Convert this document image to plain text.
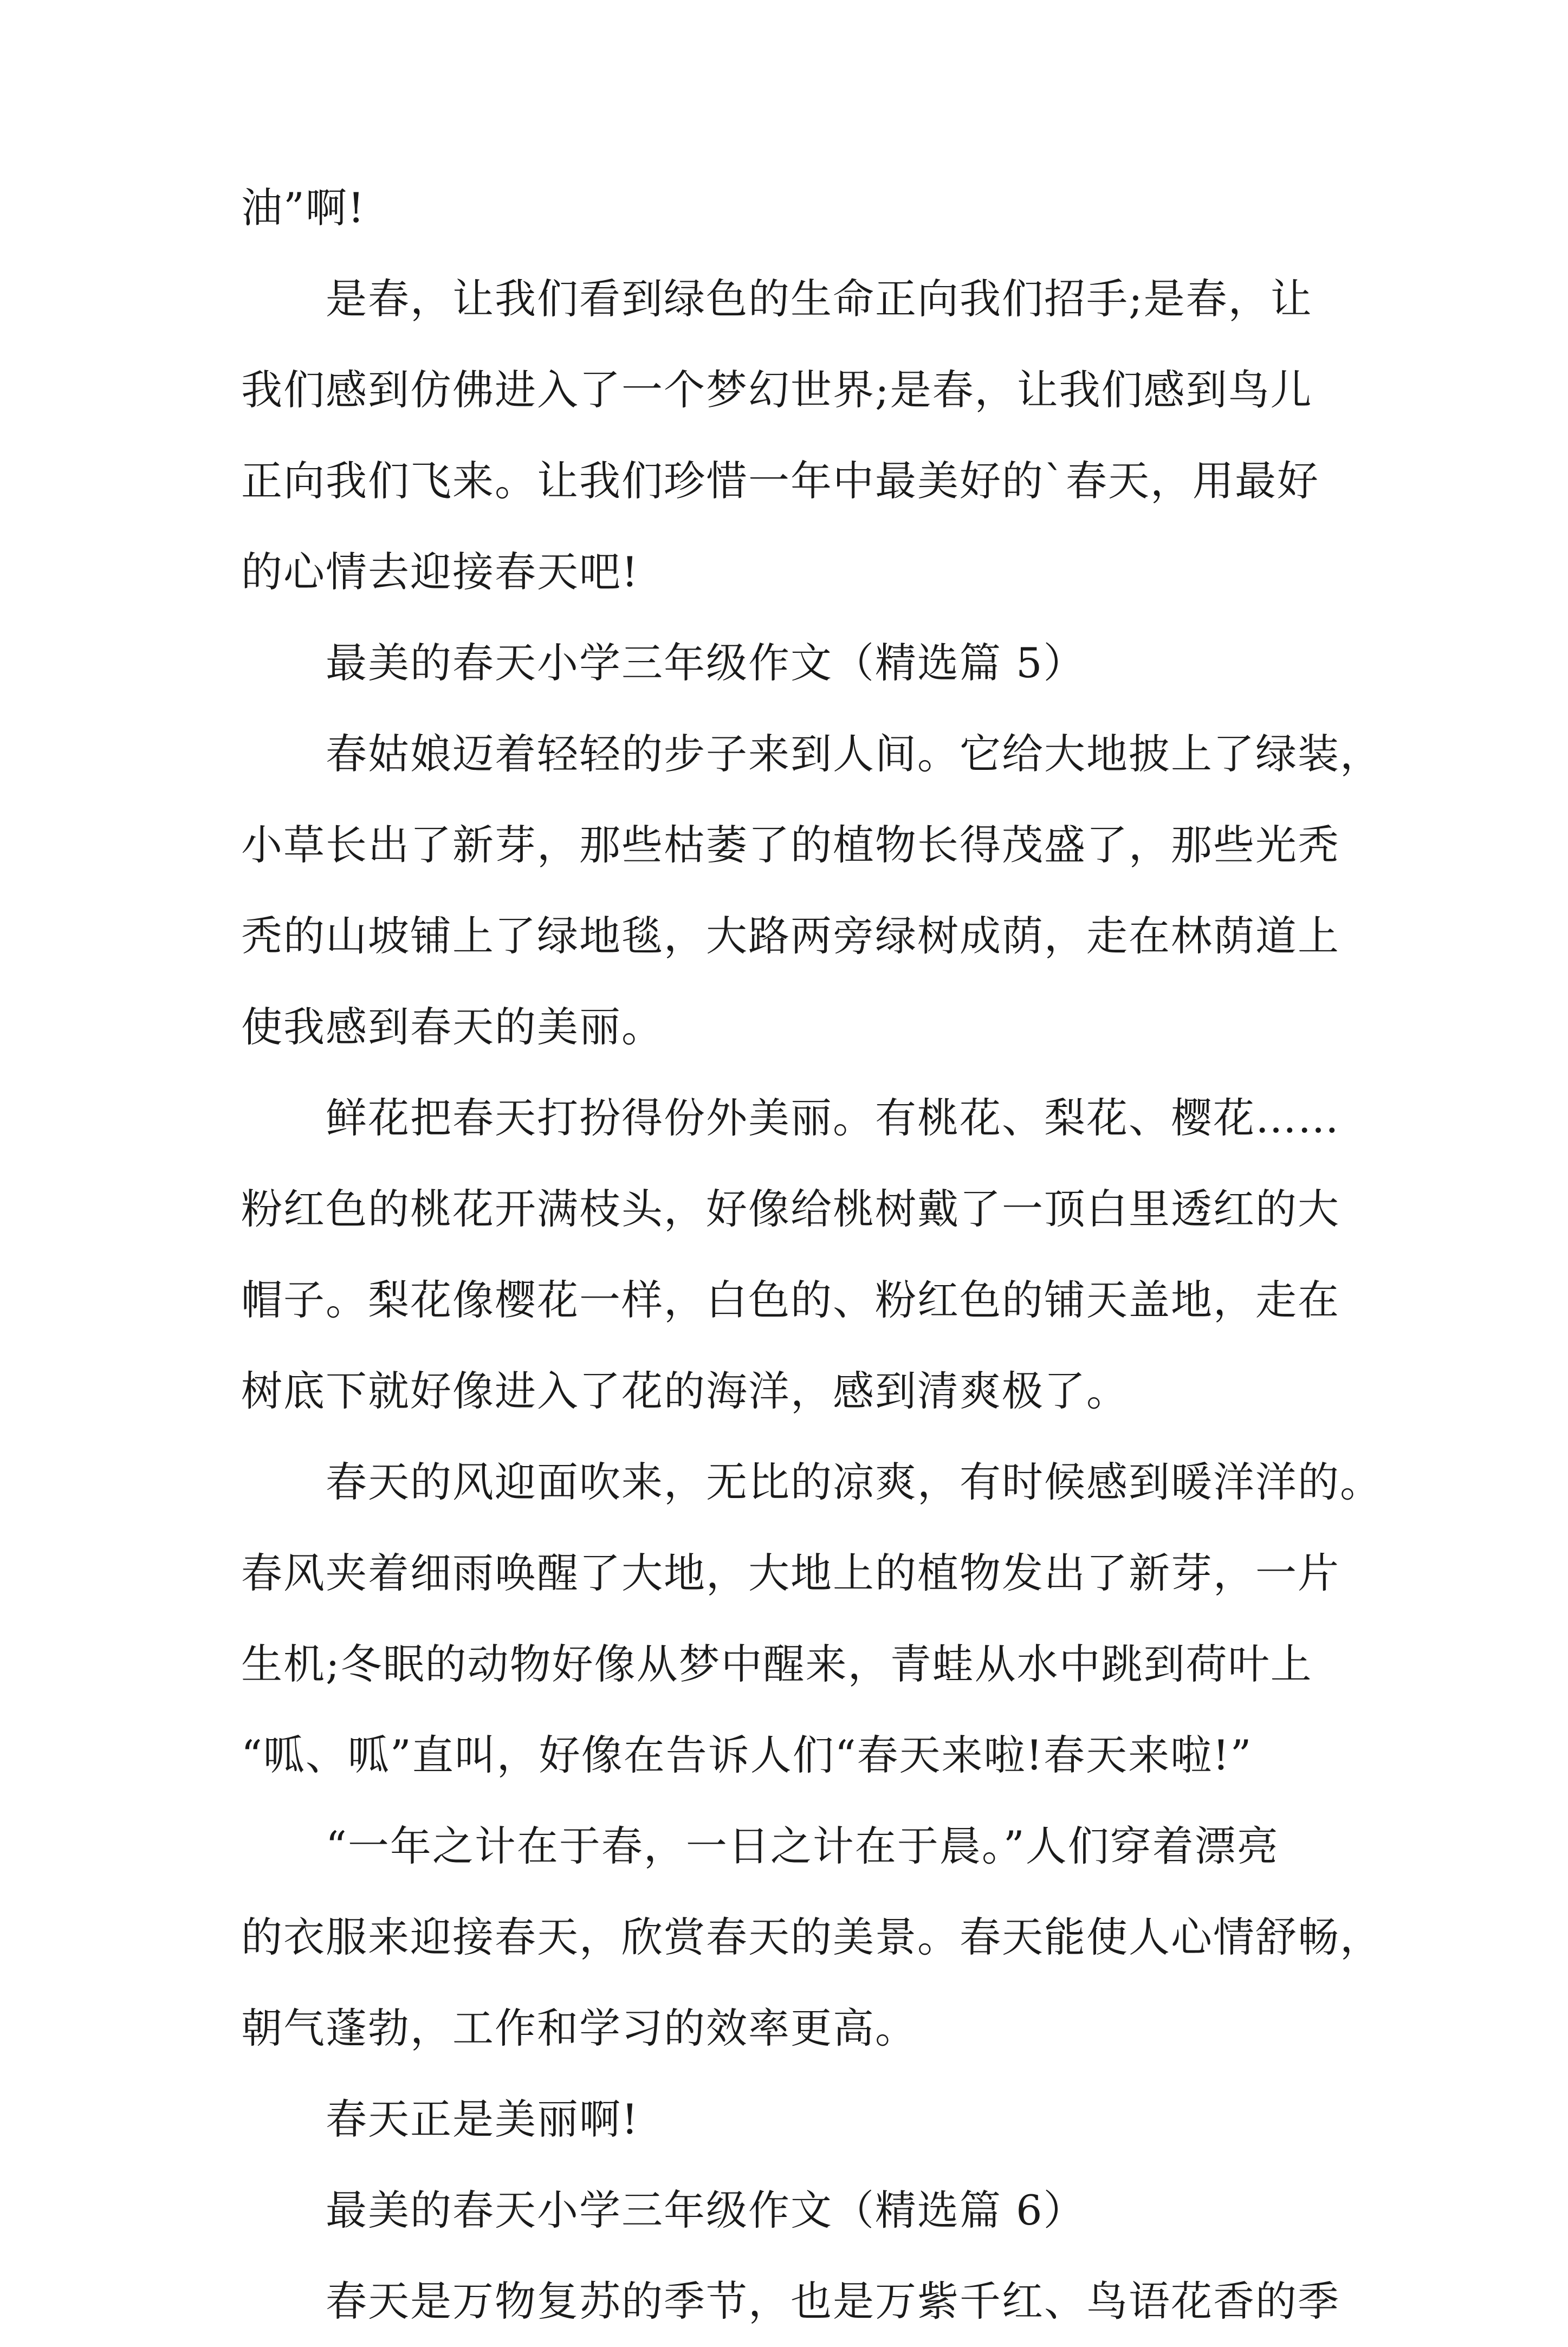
油”啊!
是春，让我们看到绿色的生命正向我们招手;是春，让
我们感到仿佛进入了一个梦幻世界;是春，让我们感到鸟儿
正向我们飞来。让我们珍惜一年中最美好的`春天，用最好
的心情去迎接春天吧!
最美的春天小学三年级作文（精选篇 5）
春姑娘迈着轻轻的步子来到人间。它给大地披上了绿装，
小草长出了新芽，那些枯萎了的植物长得茂盛了，那些光秃
秃的山坡铺上了绿地毯，大路两旁绿树成荫，走在林荫道上
使我感到春天的美丽。
鲜花把春天打扮得份外美丽。有桃花、梨花、樱花……
粉红色的桃花开满枝头，好像给桃树戴了一顶白里透红的大
帽子。梨花像樱花一样，白色的、粉红色的铺天盖地，走在
树底下就好像进入了花的海洋，感到清爽极了。
春天的风迎面吹来，无比的凉爽，有时候感到暖洋洋的。
春风夹着细雨唤醒了大地，大地上的植物发出了新芽，一片
生机;冬眠的动物好像从梦中醒来，青蛙从水中跳到荷叶上
“呱、呱”直叫，好像在告诉人们“春天来啦!春天来啦!”
“一年之计在于春，一日之计在于晨。”人们穿着漂亮
的衣服来迎接春天，欣赏春天的美景。春天能使人心情舒畅，
朝气蓬勃，工作和学习的效率更高。
春天正是美丽啊!
最美的春天小学三年级作文（精选篇 6）
春天是万物复苏的季节，也是万紫千红、鸟语花香的季
